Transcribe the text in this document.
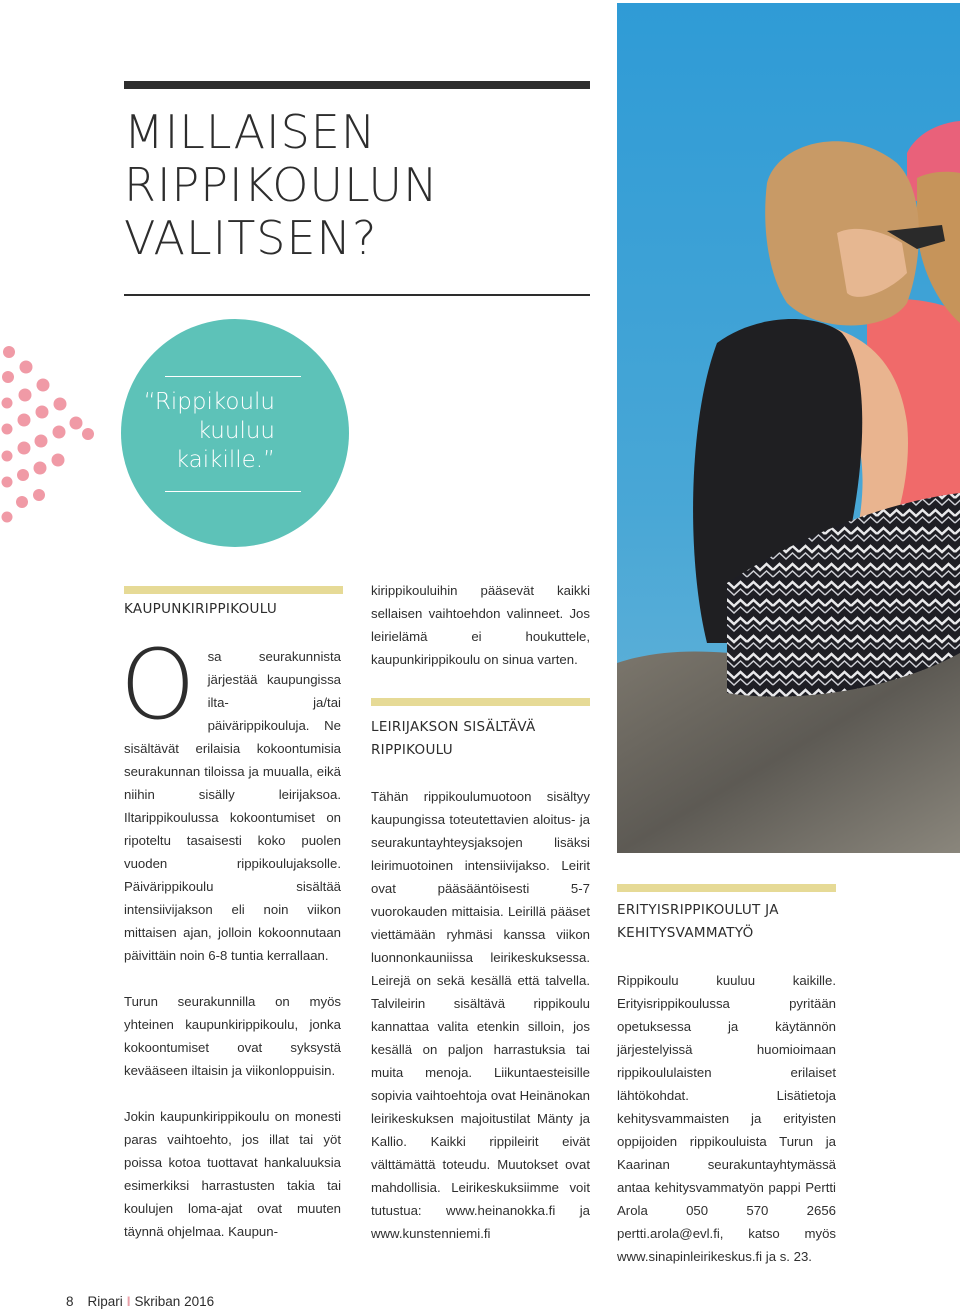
MILLAISEN
RIPPIKOULUN
VALITSEN?

“Rippikoulu
kuuluu
kaikille.”

KAUPUNKIRIPPIKOULU

Osa seurakunnista järjestää kaupungissa ilta- ja/tai päivärippikouluja. Ne sisältävät erilaisia kokoontumisia seurakunnan tiloissa ja muualla, eikä niihin sisälly leirijaksoa. Iltarippikoulussa kokoontumiset on ripoteltu tasaisesti koko puolen vuoden rippikoulujaksolle. Päivärippikoulu sisältää intensiivijakson eli noin viikon mittaisen ajan, jolloin kokoonnutaan päivittäin noin 6-8 tuntia kerrallaan.

Turun seurakunnilla on myös yhteinen kaupunkirippikoulu, jonka kokoontumiset ovat syksystä kevääseen iltaisin ja viikonloppuisin.

Jokin kaupunkirippikoulu on monesti paras vaihtoehto, jos illat tai yöt poissa kotoa tuottavat hankaluuksia esimerkiksi harrastusten takia tai koulujen loma-ajat ovat muuten täynnä ohjelmaa. Kaupun-

kirippikouluihin pääsevät kaikki sellaisen vaihtoehdon valinneet. Jos leirielämä ei houkuttele, kaupunkirippikoulu on sinua varten.

LEIRIJAKSON SISÄLTÄVÄ
RIPPIKOULU

Tähän rippikoulumuotoon sisältyy kaupungissa toteutettavien aloitus- ja seurakuntayhteysjaksojen lisäksi leirimuotoinen intensiivijakso. Leirit ovat pääsääntöisesti 5-7 vuorokauden mittaisia. Leirillä pääset viettämään ryhmäsi kanssa viikon luonnonkauniissa leirikeskuksessa. Leirejä on sekä kesällä että talvella. Talvileirin sisältävä rippikoulu kannattaa valita etenkin silloin, jos kesällä on paljon harrastuksia tai muita menoja. Liikuntaesteisille sopivia vaihtoehtoja ovat Heinänokan leirikeskuksen majoitustilat Mänty ja Kallio. Kaikki rippileirit eivät välttämättä toteudu. Muutokset ovat mahdollisia. Leirikeskuksiimme voit tutustua: www.heinanokka.fi ja www.kunstenniemi.fi

ERITYISRIPPIKOULUT JA
KEHITYSVAMMATYÖ

Rippikoulu kuuluu kaikille. Erityisrippikoulussa pyritään opetuksessa ja käytännön järjestelyissä huomioimaan rippikoululaisten erilaiset lähtökohdat. Lisätietoja kehitysvammaisten ja erityisten oppijoiden rippikouluista Turun ja Kaarinan seurakuntayhtymässä antaa kehitysvammatyön pappi Pertti Arola 050 570 2656 pertti.arola@evl.fi, katso myös www.sinapinleirikeskus.fi ja s. 23.

8 Ripari I Skriban 2016
